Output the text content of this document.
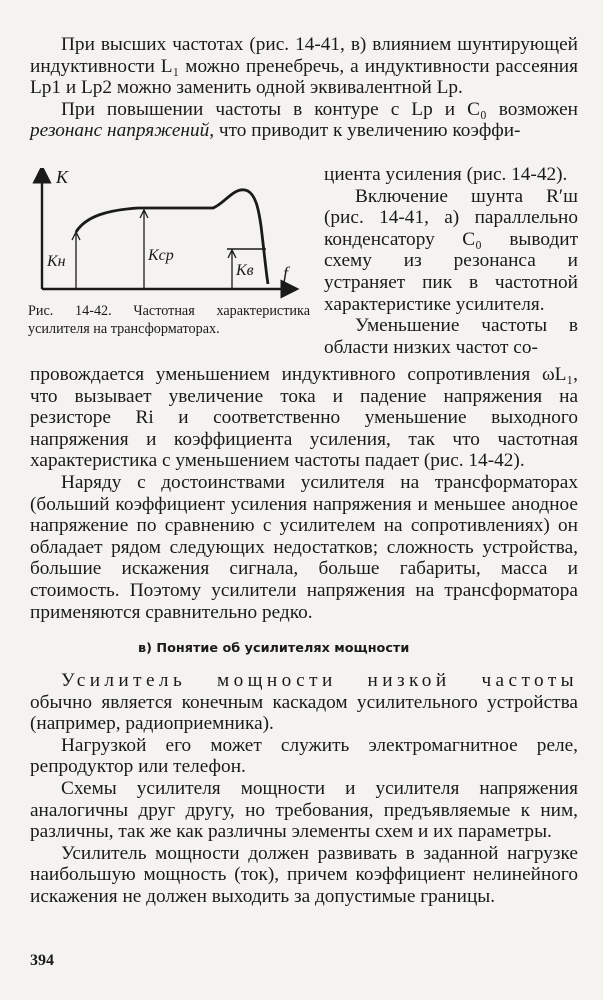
При высших частотах (рис. 14-41, в) влиянием шунтирующей индуктивности L₁ можно пренебречь, а индуктивности рассеяния Lp1 и Lp2 можно заменить одной эквивалентной Lp.

При повышении частоты в контуре с Lp и C₀ возможен резонанс напряжений, что приводит к увеличению коэффи-

K
f
Kн	Kср
Kв

Рис. 14-42. Частотная характеристика усилителя на трансформаторах.

циента усиления (рис. 14-42).

Включение шунта R′ш (рис. 14-41, а) параллельно конденсатору C₀ выводит схему из резонанса и устраняет пик в частотной характеристике усилителя.

Уменьшение частоты в области низких частот со-

провождается уменьшением индуктивного сопротивления ωL₁, что вызывает увеличение тока и падение напряжения на резисторе Ri и соответственно уменьшение выходного напряжения и коэффициента усиления, так что частотная характеристика с уменьшением частоты падает (рис. 14-42).

Наряду с достоинствами усилителя на трансформаторах (больший коэффициент усиления напряжения и меньшее анодное напряжение по сравнению с усилителем на сопротивлениях) он обладает рядом следующих недостатков; сложность устройства, большие искажения сигнала, больше габариты, масса и стоимость. Поэтому усилители напряжения на трансформатора применяются сравнительно редко.

в) Понятие об усилителях мощности

Усилитель мощности низкой частоты обычно является конечным каскадом усилительного устройства (например, радиоприемника).

Нагрузкой его может служить электромагнитное реле, репродуктор или телефон.

Схемы усилителя мощности и усилителя напряжения аналогичны друг другу, но требования, предъявляемые к ним, различны, так же как различны элементы схем и их параметры.

Усилитель мощности должен развивать в заданной нагрузке наибольшую мощность (ток), причем коэффициент нелинейного искажения не должен выходить за допустимые границы.

394
